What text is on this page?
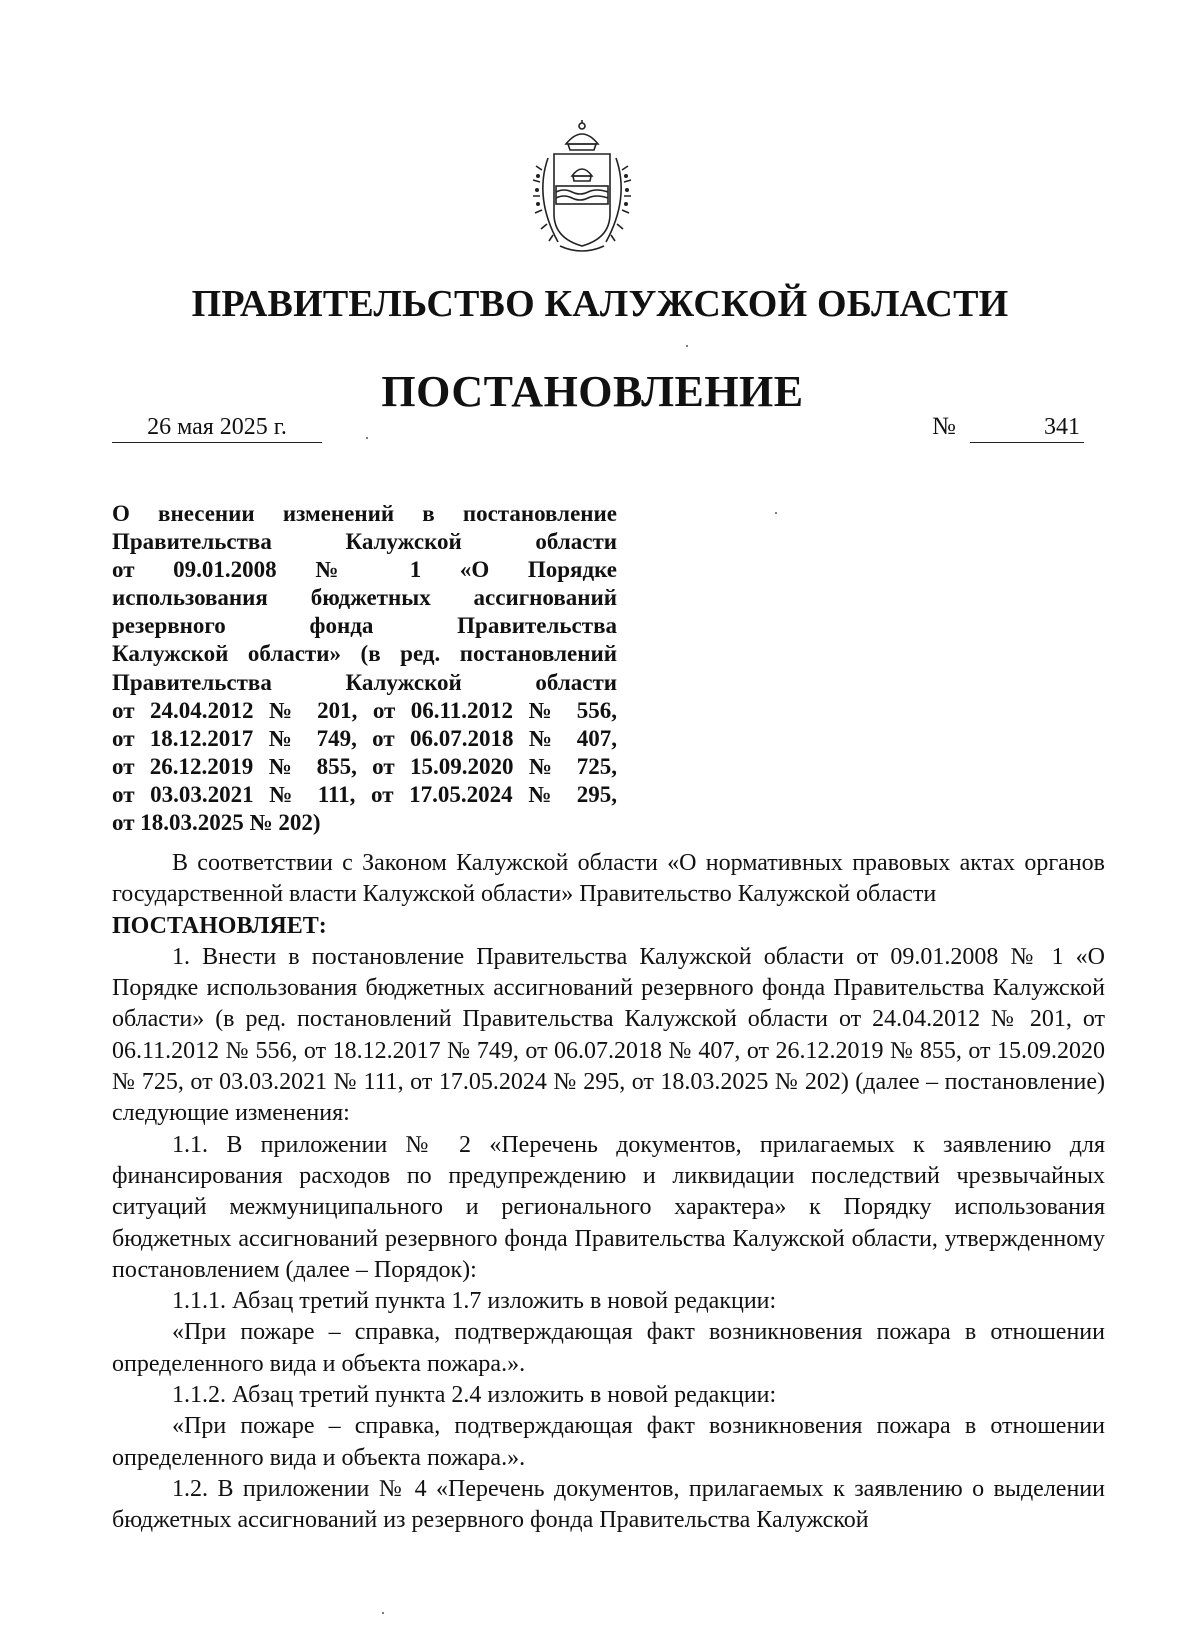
ПРАВИТЕЛЬСТВО КАЛУЖСКОЙ ОБЛАСТИ
ПОСТАНОВЛЕНИЕ
26 мая 2025 г.	№	341
О внесении изменений в постановление
Правительства Калужской области
от 09.01.2008 № 1 «О Порядке
использования бюджетных ассигнований
резервного фонда Правительства
Калужской области» (в ред. постановлений
Правительства Калужской области
от 24.04.2012 № 201, от 06.11.2012 № 556,
от 18.12.2017 № 749, от 06.07.2018 № 407,
от 26.12.2019 № 855, от 15.09.2020 № 725,
от 03.03.2021 № 111, от 17.05.2024 № 295,
от 18.03.2025 № 202)

В соответствии с Законом Калужской области «О нормативных правовых актах органов государственной власти Калужской области» Правительство Калужской области

ПОСТАНОВЛЯЕТ:

1. Внести в постановление Правительства Калужской области от 09.01.2008 № 1 «О Порядке использования бюджетных ассигнований резервного фонда Правительства Калужской области» (в ред. постановлений Правительства Калужской области от 24.04.2012 № 201, от 06.11.2012 № 556, от 18.12.2017 № 749, от 06.07.2018 № 407, от 26.12.2019 № 855, от 15.09.2020 № 725, от 03.03.2021 № 111, от 17.05.2024 № 295, от 18.03.2025 № 202) (далее – постановление) следующие изменения:

1.1. В приложении № 2 «Перечень документов, прилагаемых к заявлению для финансирования расходов по предупреждению и ликвидации последствий чрезвычайных ситуаций межмуниципального и регионального характера» к Порядку использования бюджетных ассигнований резервного фонда Правительства Калужской области, утвержденному постановлением (далее – Порядок):

1.1.1. Абзац третий пункта 1.7 изложить в новой редакции:

«При пожаре – справка, подтверждающая факт возникновения пожара в отношении определенного вида и объекта пожара.».

1.1.2. Абзац третий пункта 2.4 изложить в новой редакции:

«При пожаре – справка, подтверждающая факт возникновения пожара в отношении определенного вида и объекта пожара.».

1.2. В приложении № 4 «Перечень документов, прилагаемых к заявлению о выделении бюджетных ассигнований из резервного фонда Правительства Калужской
